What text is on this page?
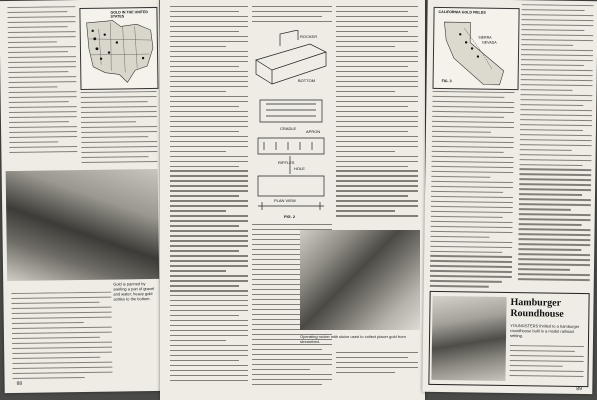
GOLD IN THE UNITED STATES
Gold is panned by swirling a pan of gravel and water; heavy gold settles to the bottom.
88
ROCKER
BOTTOM
CRADLE
APRON
RIFFLES
HOLE
PLAN VIEW
FIG. 2
Operating rocker with sluice used to collect placer gold from streambed.
CALIFORNIA GOLD FIELDS
SIERRA
NEVADA
FIG. 3
Hamburger Roundhouse
YOUNGSTERS thrilled to a hamburger roundhouse built in a model railroad setting.
89
